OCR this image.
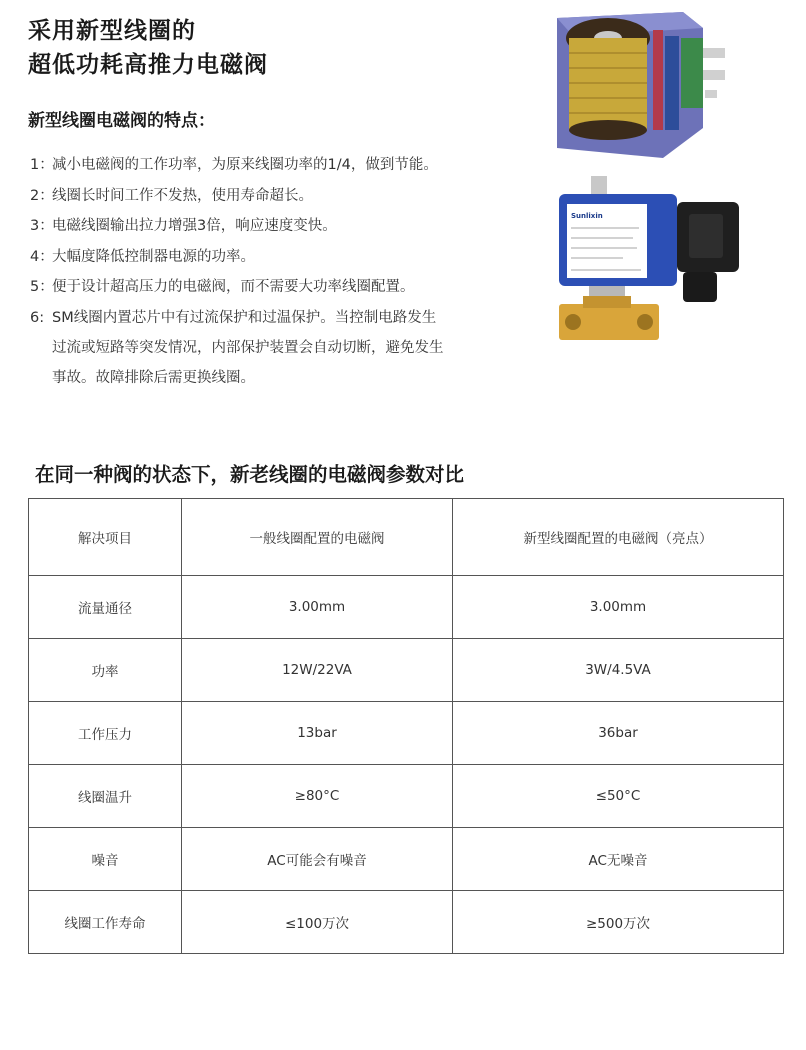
采用新型线圈的
超低功耗高推力电磁阀
新型线圈电磁阀的特点：
1：
减小电磁阀的工作功率，为原来线圈功率的1/4，做到节能。
2：
线圈长时间工作不发热，使用寿命超长。
3：
电磁线圈输出拉力增强3倍，响应速度变快。
4：
大幅度降低控制器电源的功率。
5：
便于设计超高压力的电磁阀，而不需要大功率线圈配置。
6: SM线圈内置芯片中有过流保护和过温保护。当控制电路发生过流或短路等突发情况，内部保护装置会自动切断，避免发生事故。故障排除后需更换线圈。
Sunlixin
在同一种阀的状态下，新老线圈的电磁阀参数对比
解决项目	一般线圈配置的电磁阀	新型线圈配置的电磁阀（亮点）
流量通径	3.00mm	3.00mm
功率	12W/22VA	3W/4.5VA
工作压力	13bar	36bar
线圈温升	≥80°C	≤50°C
噪音	AC可能会有噪音	AC无噪音
线圈工作寿命	≤100万次	≥500万次
